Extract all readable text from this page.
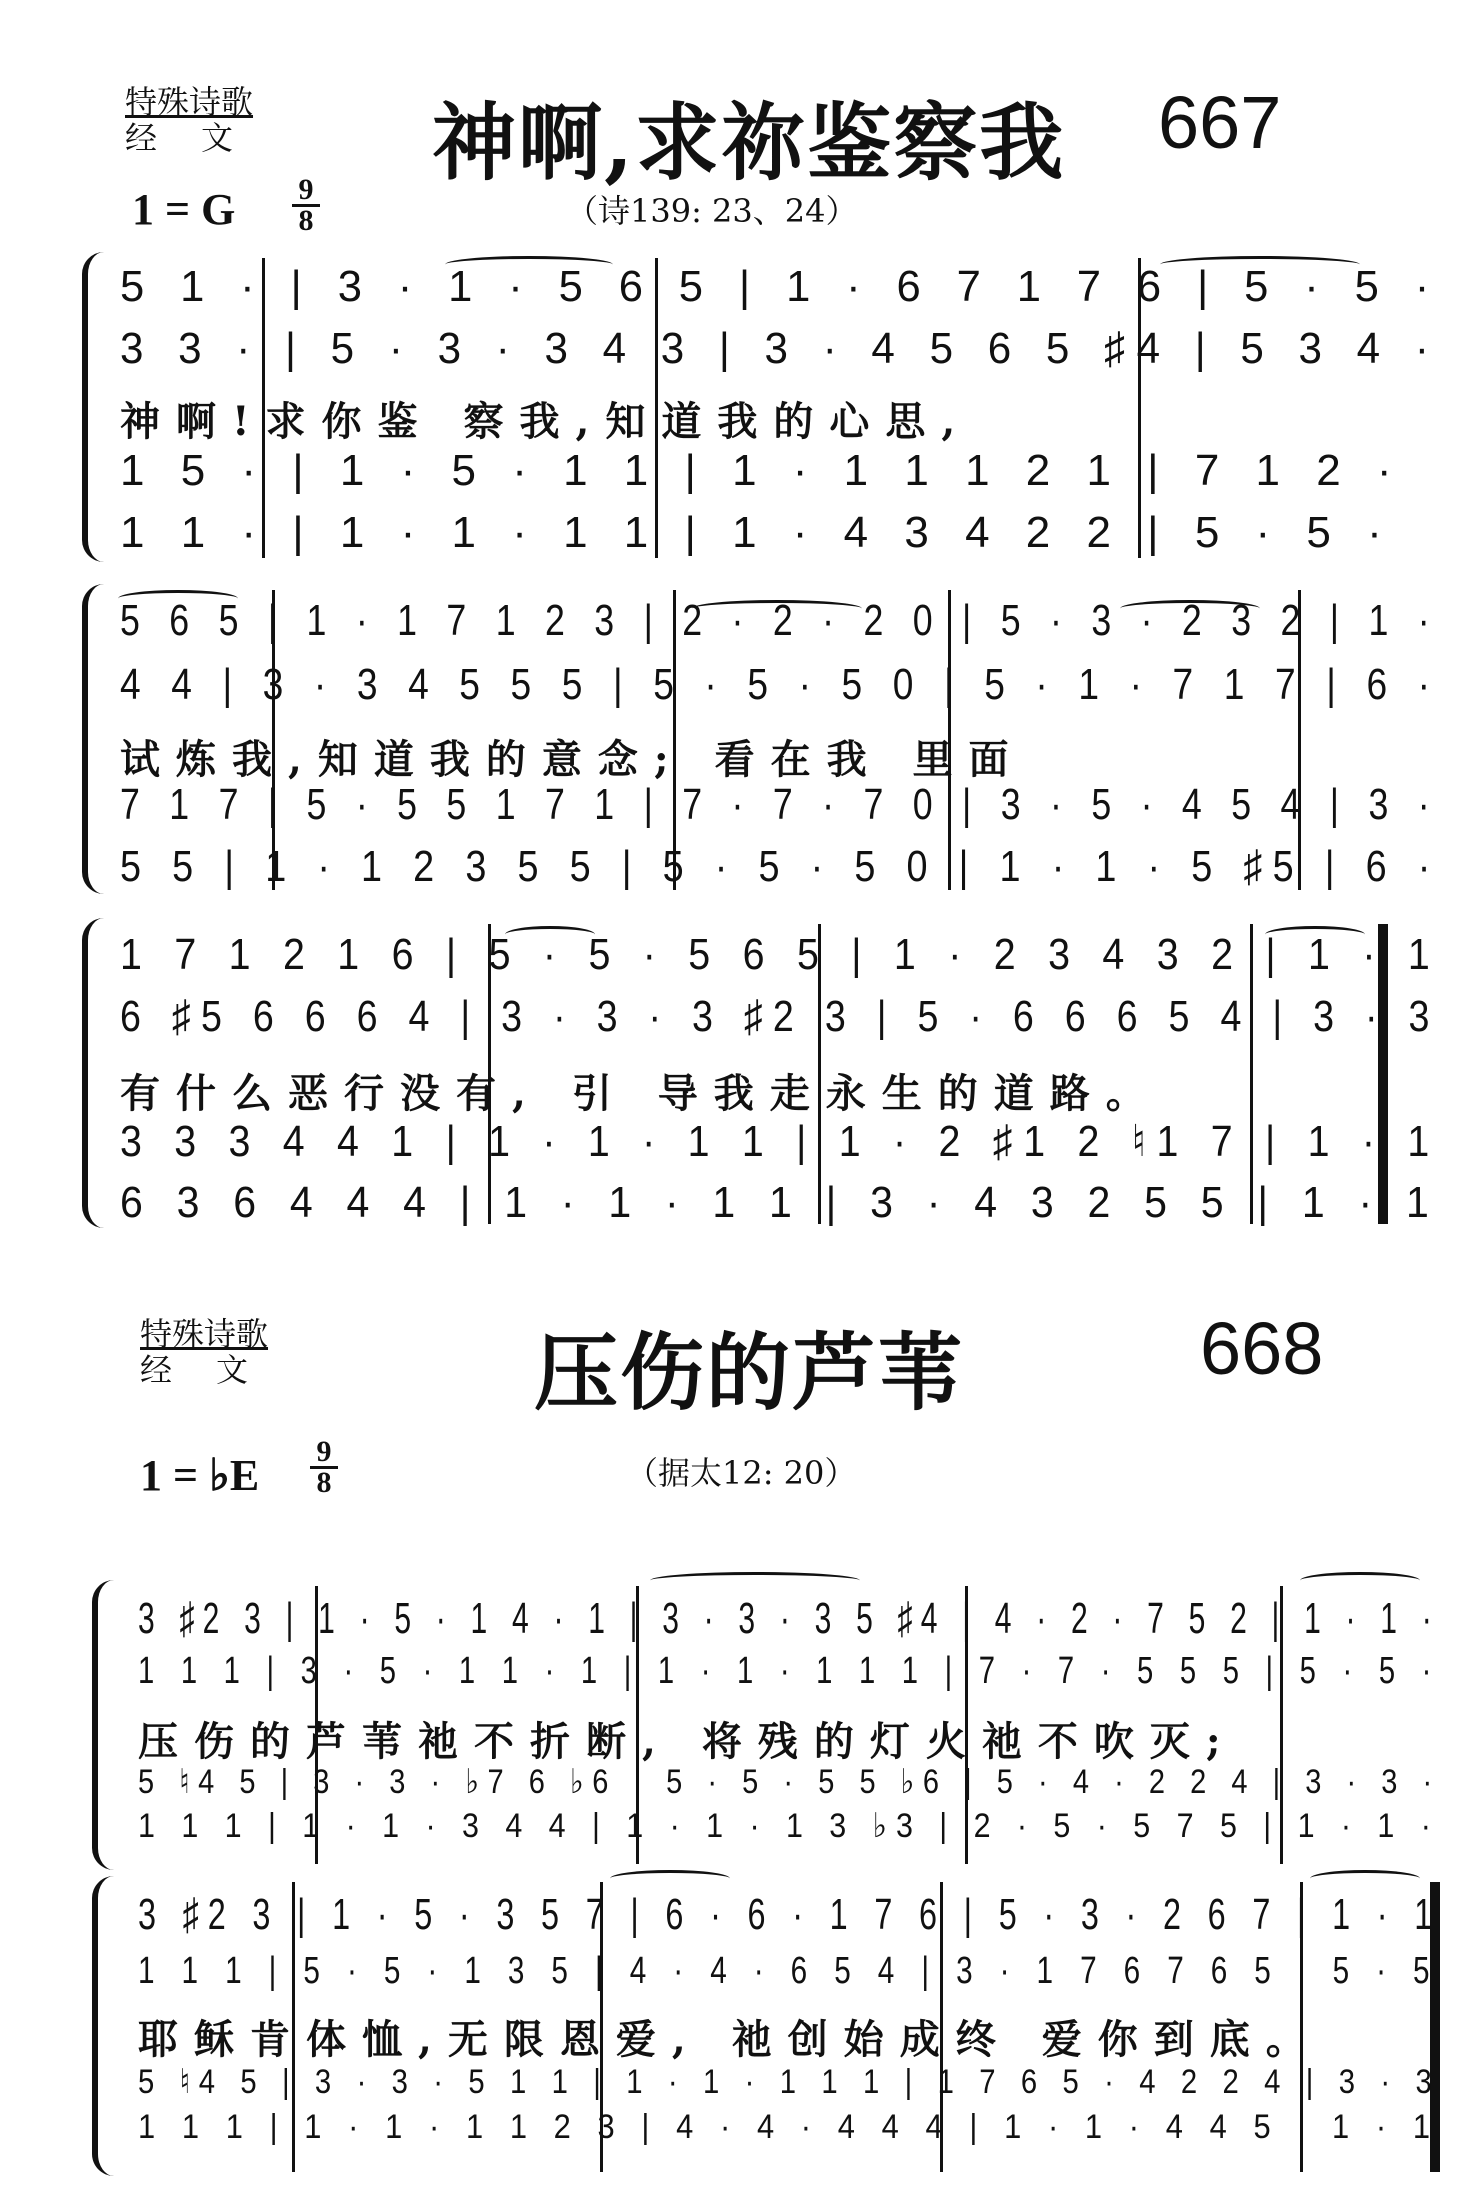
特殊诗歌
经文 神啊,求祢鉴察我 667
1 = G 9
8	（诗139: 23、24）
5 1 · | 3 · 1 · 5 6 5 | 1 · 6 7 1 7 6 | 5 · 5 ·
3 3 · | 5 · 3 · 3 4 3 | 3 · 4 5 6 5 ♯4 | 5 3 4 ·
神啊!求你鉴 察我,知道我的心思,
1 5 · | 1 · 5 · 1 1 | 1 · 1 1 1 2 1 | 7 1 2 ·
1 1 · | 1 · 1 · 1 1 | 1 · 4 3 4 2 2 | 5 · 5 ·
5 6 5 | 1 · 1 7 1 2 3 | 2 · 2 · 2 0 | 5 · 3 · 2 3 2 | 1 ·
4 4 | 3 · 3 4 5 5 5 | 5 · 5 · 5 0 | 5 · 1 · 7 1 7 | 6 ·
试炼我,知道我的意念; 看在我 里面
7 1 7 | 5 · 5 5 1 7 1 | 7 · 7 · 7 0 | 3 · 5 · 4 5 4 | 3 ·
5 5 | 1 · 1 2 3 5 5 | 5 · 5 · 5 0 | 1 · 1 · 5 ♯5 | 6 ·
1 7 1 2 1 6 | 5 · 5 · 5 6 5 | 1 · 2 3 4 3 2 | 1 · 1
6 ♯5 6 6 6 4 | 3 · 3 · 3 ♯2 3 | 5 · 6 6 6 5 4 | 3 · 3
有什么恶行没有, 引 导我走永生的道路。
3 3 3 4 4 1 | 1 · 1 · 1 1 | 1 · 2 ♯1 2 ♮1 7 | 1 · 1
6 3 6 4 4 4 | 1 · 1 · 1 1 | 3 · 4 3 2 5 5 | 1 · 1
特殊诗歌
经文	压伤的芦苇	668
1 = ♭E 9
8	（据太12: 20）
3 ♯2 3 | 1 · 5 · 1 4 · 1 | 3 · 3 · 3 5 ♯4 | 4 · 2 · 7 5 2 | 1 · 1 ·
1 1 1 | 3 · 5 · 1 1 · 1 | 1 · 1 · 1 1 1 | 7 · 7 · 5 5 5 | 5 · 5 ·
压伤的芦苇祂不折断, 将残的灯火祂不吹灭;
5 ♮4 5 | 3 · 3 · ♭7 6 ♭6 | 5 · 5 · 5 5 ♭6 | 5 · 4 · 2 2 4 | 3 · 3 ·
1 1 1 | 1 · 1 · 3 4 4 | 1 · 1 · 1 3 ♭3 | 2 · 5 · 5 7 5 | 1 · 1 ·
3 ♯2 3 | 1 · 5 · 3 5 7 | 6 · 6 · 1 7 6 | 5 · 3 · 2 6 7 | 1 · 1
1 1 1 | 5 · 5 · 1 3 5 | 4 · 4 · 6 5 4 | 3 · 1 7 6 7 6 5 | 5 · 5
耶稣肯体恤,无限恩爱, 祂创始成终 爱你到底。
5 ♮4 5 | 3 · 3 · 5 1 1 | 1 · 1 · 1 1 1 | 1 7 6 5 · 4 2 2 4 | 3 · 3
1 1 1 | 1 · 1 · 1 1 2 3 | 4 · 4 · 4 4 4 | 1 · 1 · 4 4 5 | 1 · 1
